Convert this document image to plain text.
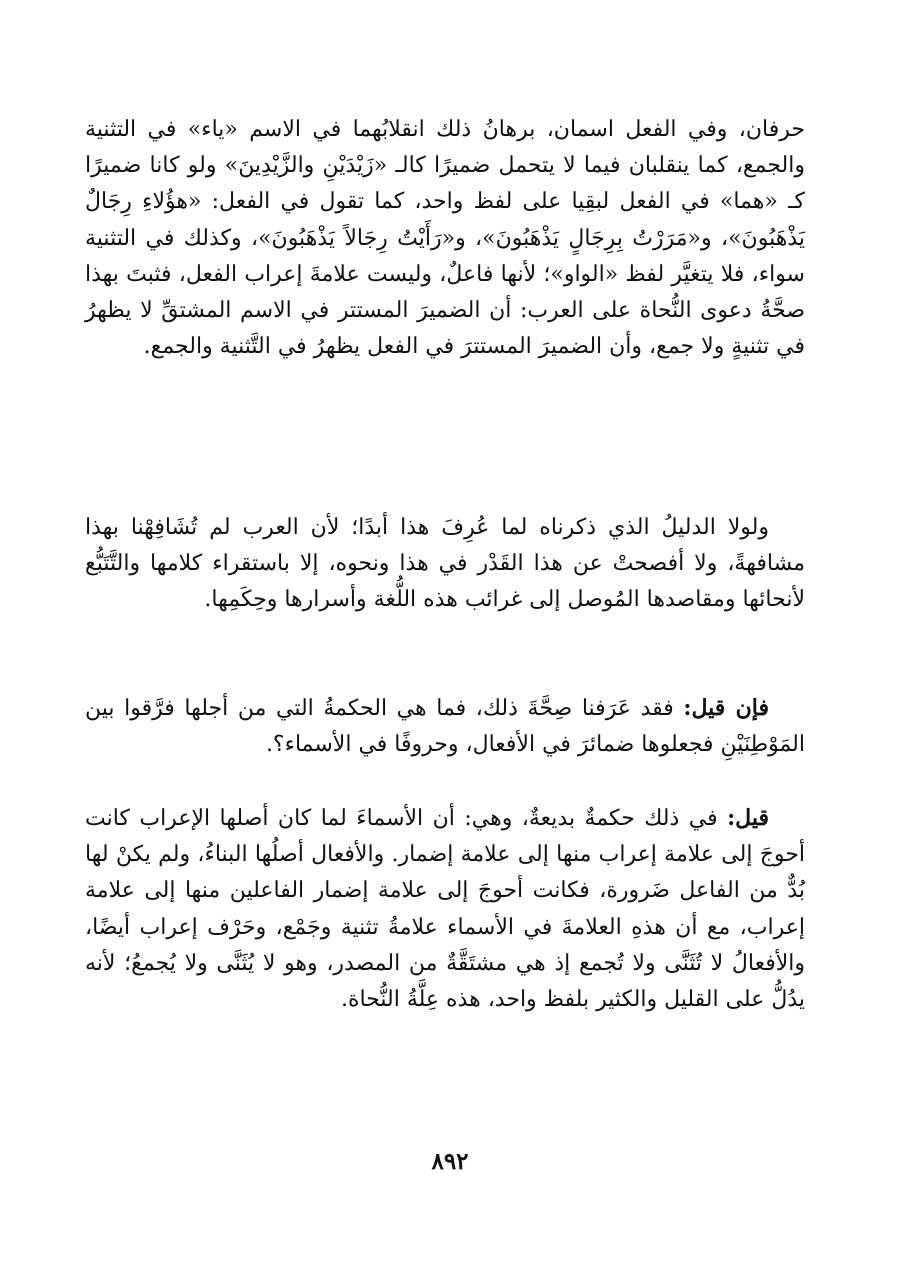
حرفان، وفي الفعل اسمان، برهانُ ذلك انقلابُهما في الاسم «ياء» في التثنية والجمع، كما ينقلبان فيما لا يتحمل ضميرًا كالـ «زَيْدَيْنِ والزَّيْدِينَ» ولو كانا ضميرًا كـ «هما» في الفعل لبقِيا على لفظ واحد، كما تقول في الفعل: «هؤُلاءِ رِجَالٌ يَذْهَبُونَ»، و«مَرَرْتُ بِرِجَالٍ يَذْهَبُونَ»، و«رَأَيْتُ رِجَالاً يَذْهَبُونَ»، وكذلك في التثنية سواء، فلا يتغيَّر لفظ «الواو»؛ لأنها فاعلٌ، وليست علامةَ إعراب الفعل، فثبتَ بهذا صحَّةُ دعوى النُّحاة على العرب: أن الضميرَ المستتر في الاسم المشتقِّ لا يظهرُ في تثنيةٍ ولا جمع، وأن الضميرَ المستترَ في الفعل يظهرُ في التَّثنية والجمع.

ولولا الدليلُ الذي ذكرناه لما عُرِفَ هذا أبدًا؛ لأن العرب لم تُشَافِهْنا بهذا مشافهةً، ولا أفصحتْ عن هذا القَدْر في هذا ونحوه، إلا باستقراء كلامها والتَّتَبُّع لأنحائها ومقاصدها المُوصل إلى غرائب هذه اللُّغة وأسرارها وحِكَمِها.

فإن قيل: فقد عَرَفنا صِحَّةَ ذلك، فما هي الحكمةُ التي من أجلها فرَّقوا بين المَوْطِنَيْنِ فجعلوها ضمائرَ في الأفعال، وحروفًا في الأسماء؟.

قيل: في ذلك حكمةٌ بديعةٌ، وهي: أن الأسماءَ لما كان أصلها الإعراب كانت أحوجَ إلى علامة إعراب منها إلى علامة إضمار. والأفعال أصلُها البناءُ، ولم يكنْ لها بُدٌّ من الفاعل ضَرورة، فكانت أحوجَ إلى علامة إضمار الفاعلين منها إلى علامة إعراب، مع أن هذهِ العلامةَ في الأسماء علامةُ تثنية وجَمْع، وحَرْف إعراب أيضًا، والأفعالُ لا تُثَنَّى ولا تُجمع إذ هي مشتَقَّةٌ من المصدر، وهو لا يُثَنَّى ولا يُجمعُ؛ لأنه يدُلُّ على القليل والكثير بلفظ واحد، هذه عِلَّةُ النُّحاة.

٨٩٢
